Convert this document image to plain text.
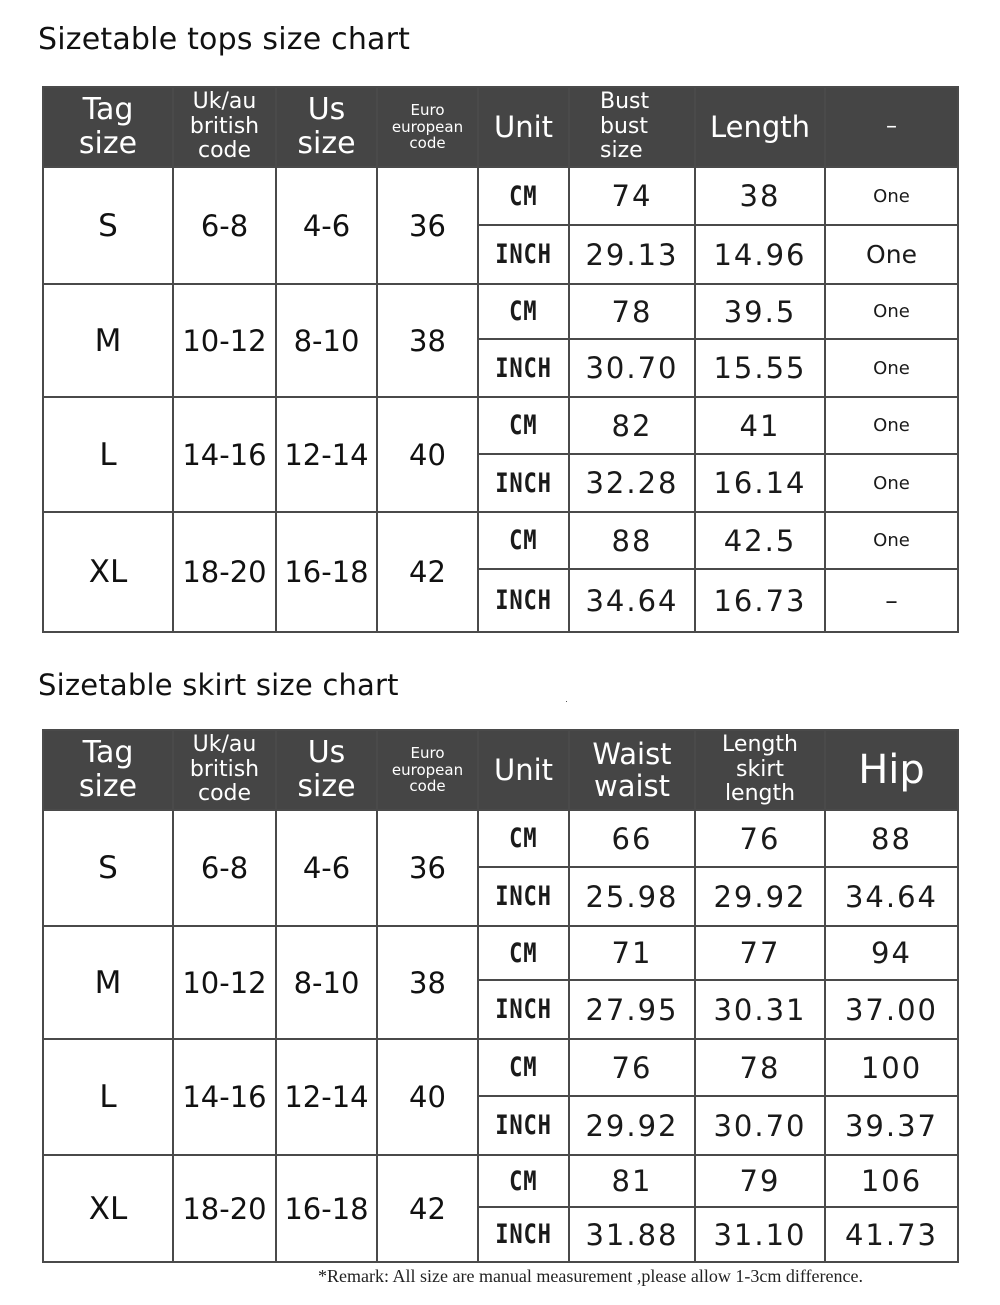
Sizetable tops size chart
Tag
size	Uk/au
british
code	Us
size	Euro
european
code	Unit	Bust
bust
size	Length	–
S	6-8	4-6	36	CM	74	38	One
				INCH	29.13	14.96	One
M	10-12	8-10	38	CM	78	39.5	One
				INCH	30.70	15.55	One
L	14-16	12-14	40	CM	82	41	One
				INCH	32.28	16.14	One
XL	18-20	16-18	42	CM	88	42.5	One
				INCH	34.64	16.73	–
Sizetable skirt size chart
Tag
size	Uk/au
british
code	Us
size	Euro
european
code	Unit	Waist
waist	Length
skirt
length	Hip
S	6-8	4-6	36	CM	66	76	88
				INCH	25.98	29.92	34.64
M	10-12	8-10	38	CM	71	77	94
				INCH	27.95	30.31	37.00
L	14-16	12-14	40	CM	76	78	100
				INCH	29.92	30.70	39.37
XL	18-20	16-18	42	CM	81	79	106
				INCH	31.88	31.10	41.73
*Remark: All size are manual measurement ,please allow 1-3cm difference.
